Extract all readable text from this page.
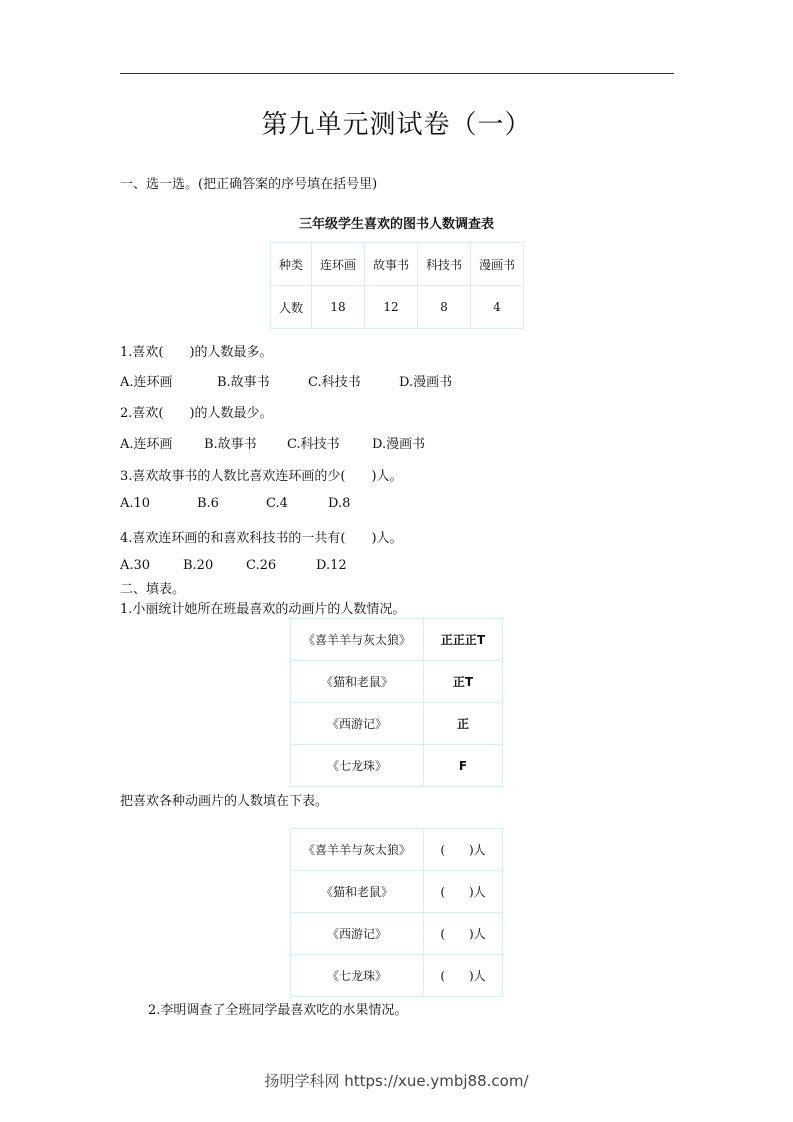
第九单元测试卷（一）
一、选一选。(把正确答案的序号填在括号里)
三年级学生喜欢的图书人数调查表
种类	连环画	故事书	科技书	漫画书
人数	18	12	8	4
1.喜欢(　　)的人数最多。
A.连环画	B.故事书	C.科技书	D.漫画书
2.喜欢(　　)的人数最少。
A.连环画 B.故事书 C.科技书 D.漫画书
3.喜欢故事书的人数比喜欢连环画的少(　　)人。
A.10	B.6	C.4	D.8
4.喜欢连环画的和喜欢科技书的一共有(　　)人。
A.30	B.20	C.26	D.12
二、填表。
1.小丽统计她所在班最喜欢的动画片的人数情况。
《喜羊羊与灰太狼》	正正正T
《猫和老鼠》	正T
《西游记》	正
《七龙珠》	F
把喜欢各种动画片的人数填在下表。
《喜羊羊与灰太狼》	(　　)人
《猫和老鼠》	(　　)人
《西游记》	(　　)人
《七龙珠》	(　　)人
2.李明调查了全班同学最喜欢吃的水果情况。
扬明学科网 https://xue.ymbj88.com/
